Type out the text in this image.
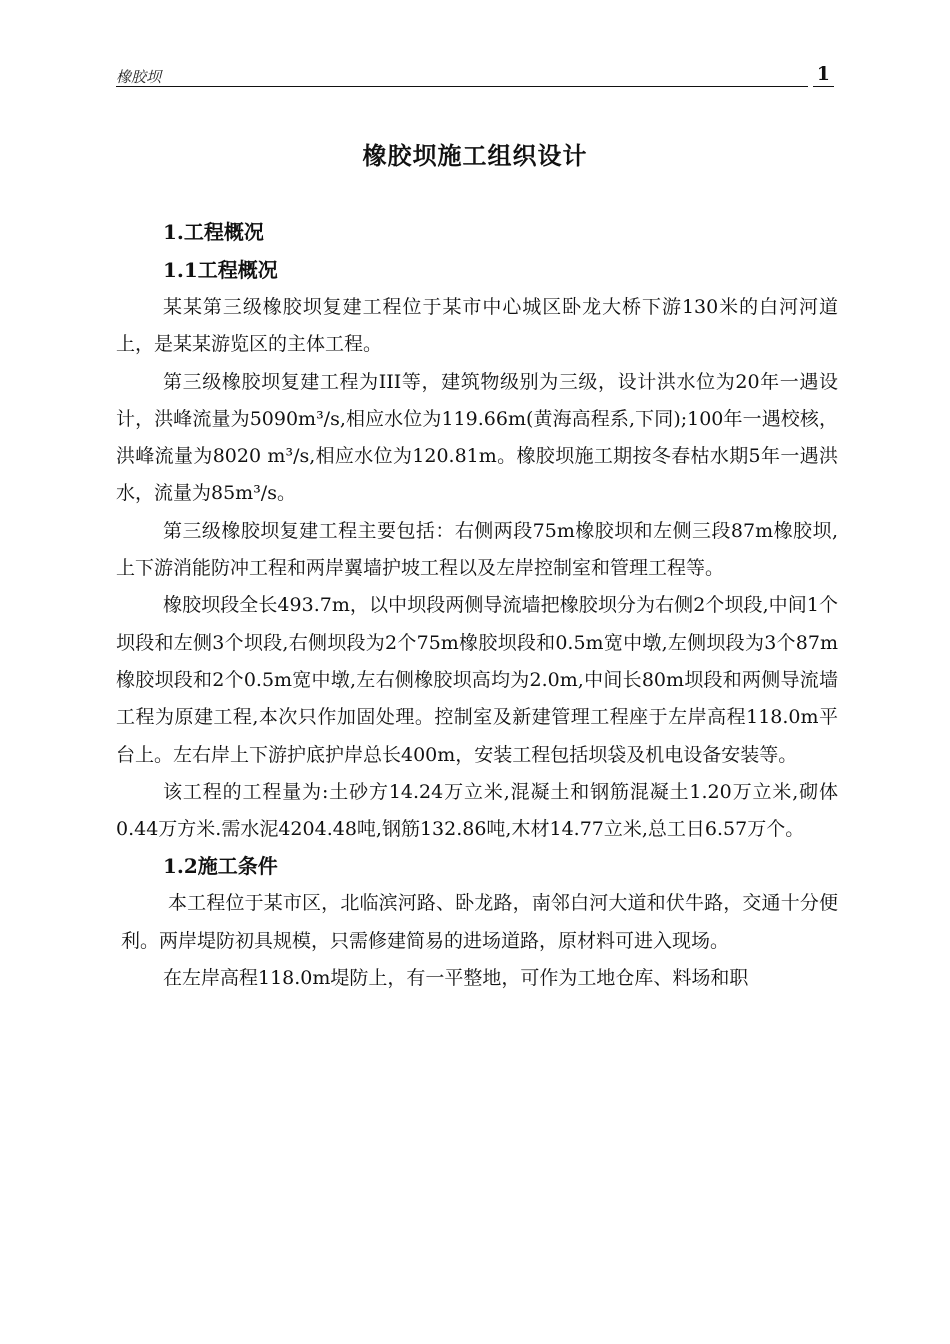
橡胶坝	1
橡胶坝施工组织设计

1.工程概况

1.1工程概况

某某第三级橡胶坝复建工程位于某市中心城区卧龙大桥下游130米的白河河道上，是某某游览区的主体工程。

第三级橡胶坝复建工程为III等，建筑物级别为三级，设计洪水位为20年一遇设计，洪峰流量为5090m³/s,相应水位为119.66m(黄海高程系,下同);100年一遇校核，洪峰流量为8020 m³/s,相应水位为120.81m。橡胶坝施工期按冬春枯水期5年一遇洪水，流量为85m³/s。

第三级橡胶坝复建工程主要包括：右侧两段75m橡胶坝和左侧三段87m橡胶坝,上下游消能防冲工程和两岸翼墙护坡工程以及左岸控制室和管理工程等。

橡胶坝段全长493.7m，以中坝段两侧导流墙把橡胶坝分为右侧2个坝段,中间1个坝段和左侧3个坝段,右侧坝段为2个75m橡胶坝段和0.5m宽中墩,左侧坝段为3个87m橡胶坝段和2个0.5m宽中墩,左右侧橡胶坝高均为2.0m,中间长80m坝段和两侧导流墙工程为原建工程,本次只作加固处理。控制室及新建管理工程座于左岸高程118.0m平台上。左右岸上下游护底护岸总长400m，安装工程包括坝袋及机电设备安装等。

该工程的工程量为:土砂方14.24万立米,混凝土和钢筋混凝土1.20万立米,砌体0.44万方米.需水泥4204.48吨,钢筋132.86吨,木材14.77立米,总工日6.57万个。

1.2施工条件

本工程位于某市区，北临滨河路、卧龙路，南邻白河大道和伏牛路，交通十分便利。两岸堤防初具规模，只需修建简易的进场道路，原材料可进入现场。

在左岸高程118.0m堤防上，有一平整地，可作为工地仓库、料场和职
